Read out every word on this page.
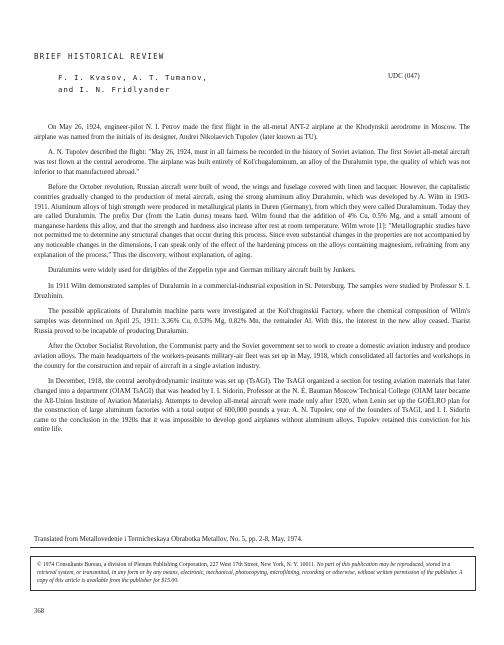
BRIEF HISTORICAL REVIEW
F. I. Kvasov, A. T. Tumanov,
and I. N. Fridlyander
UDC (047)

On May 26, 1924, engineer-pilot N. I. Petrov made the first flight in the all-metal ANT-2 airplane at the Khodynskii aerodrome in Moscow. The airplane was named from the initials of its designer, Andrei Nikolaevich Tupolev (later known as TU).

A. N. Tupolev described the flight: "May 26, 1924, must in all fairness be recorded in the history of Soviet aviation. The first Soviet all-metal aircraft was test flown at the central aerodrome. The airplane was built entirely of Kol'chugaluminum, an alloy of the Duralumin type, the quality of which was not inferior to that manufactured abroad."

Before the October revolution, Russian aircraft were built of wood, the wings and fuselage covered with linen and lacquer. However, the capitalistic countries gradually changed to the production of metal aircraft, using the strong aluminum alloy Duralumin, which was developed by A. Wilm in 1903-1911. Aluminum alloys of high strength were produced in metallurgical plants in Duren (Germany), from which they were called Duraluminum. Today they are called Duralumin. The prefix Dur (from the Latin durus) means hard. Wilm found that the addition of 4% Cu, 0.5% Mg, and a small amount of manganese hardens this alloy, and that the strength and hardness also increase after rest at room temperature. Wilm wrote [1]: "Metallographic studies have not permitted me to determine any structural changes that occur during this process. Since even substantial changes in the properties are not accompanied by any noticeable changes in the dimensions, I can speak only of the effect of the hardening process on the alloys containing magnesium, refraining from any explanation of the process." Thus the discovery, without explanation, of aging.

Duralumins were widely used for dirigibles of the Zeppelin type and German military aircraft built by Junkers.

In 1911 Wilm demonstrated samples of Duralumin in a commercial-industrial exposition in St. Petersburg. The samples were studied by Professor S. I. Druzhinin.

The possible applications of Duralumin machine parts were investigated at the Kol'chuginskii Factory, where the chemical composition of Wilm's samples was determined on April 25, 1911: 3.36% Cu, 0.53% Mg, 0.82% Mn, the remainder Al. With this, the interest in the new alloy ceased. Tsarist Russia proved to be incapable of producing Duralumin.

After the October Socialist Revolution, the Communist party and the Soviet government set to work to create a domestic aviation industry and produce aviation alloys. The main headquarters of the workers-peasants military-air fleet was set up in May, 1918, which consolidated all factories and workshops in the country for the construction and repair of aircraft in a single aviation industry.

In December, 1918, the central aerohydrodynamic institute was set up (TsAGI). The TsAGI organized a section for testing aviation materials that later changed into a department (OIAM TsAGI) that was headed by I. I. Sidorin, Professor at the N. É. Bauman Moscow Technical College (OIAM later became the All-Union Institute of Aviation Materials). Attempts to develop all-metal aircraft were made only after 1920, when Lenin set up the GOÉLRO plan for the construction of large aluminum factories with a total output of 600,000 pounds a year. A. N. Tupolev, one of the founders of TsAGI, and I. I. Sidorin came to the conclusion in the 1920s that it was impossible to develop good airplanes without aluminum alloys. Tupolev retained this conviction for his entire life.

Translated from Metallovedenie i Termicheskaya Obrabotka Metallov, No. 5, pp. 2-8, May, 1974.
© 1974 Consultants Bureau, a division of Plenum Publishing Corporation, 227 West 17th Street, New York, N. Y. 10011. No part of this publication may be reproduced, stored in a retrieval system, or transmitted, in any form or by any means, electronic, mechanical, photocopying, microfilming, recording or otherwise, without written permission of the publisher. A copy of this article is available from the publisher for $15.00.
368
